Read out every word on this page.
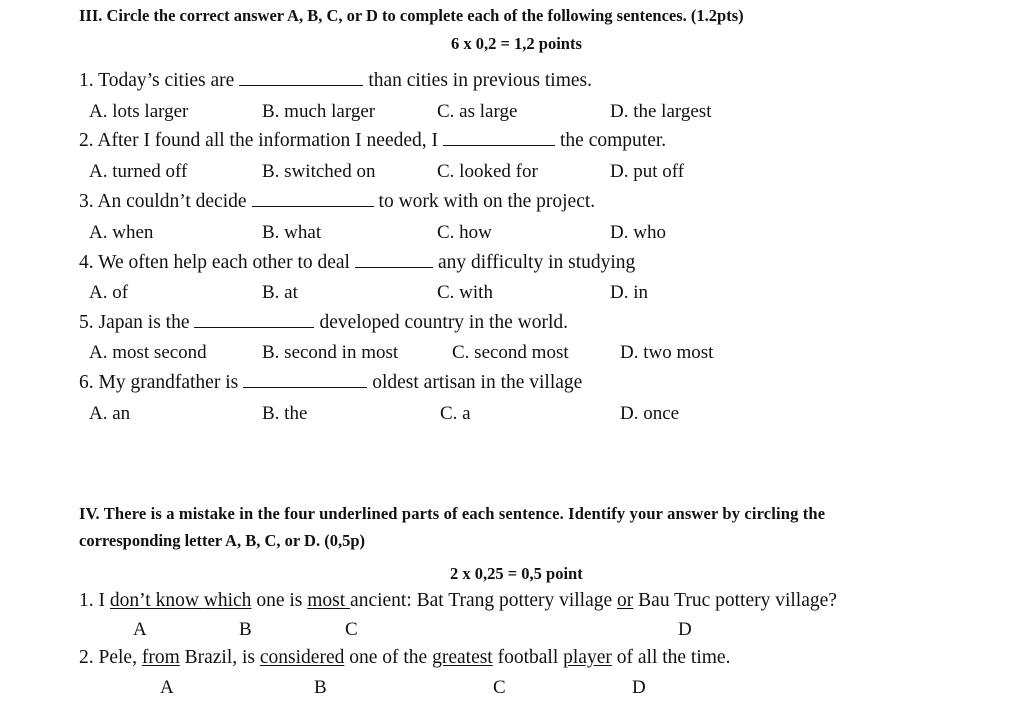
III. Circle the correct answer A, B, C, or D to complete each of the following sentences. (1.2pts)
6 x 0,2 = 1,2 points
1. Today’s cities are	than cities in previous times.
A. lots larger	B. much larger	C. as large	D. the largest
2. After I found all the information I needed, I	the computer.
A. turned off	B. switched on	C. looked for	D. put off
3. An couldn’t decide	to work with on the project.
A. when	B. what	C. how	D. who
4. We often help each other to deal	any difficulty in studying
A. of	B. at	C. with	D. in
5. Japan is the	developed country in the world.
A. most second	B. second in most	C. second most	D. two most
6. My grandfather is	oldest artisan in the village
A. an	B. the	C. a	D. once
IV. There is a mistake in the four underlined parts of each sentence. Identify your answer by circling the
corresponding letter A, B, C, or D. (0,5p)
2 x 0,25 = 0,5 point
1. I don’t know which one is most ancient: Bat Trang pottery village or Bau Truc pottery village?
A	B	C	D
2. Pele, from Brazil, is considered one of the greatest football player of all the time.
A	B	C	D
